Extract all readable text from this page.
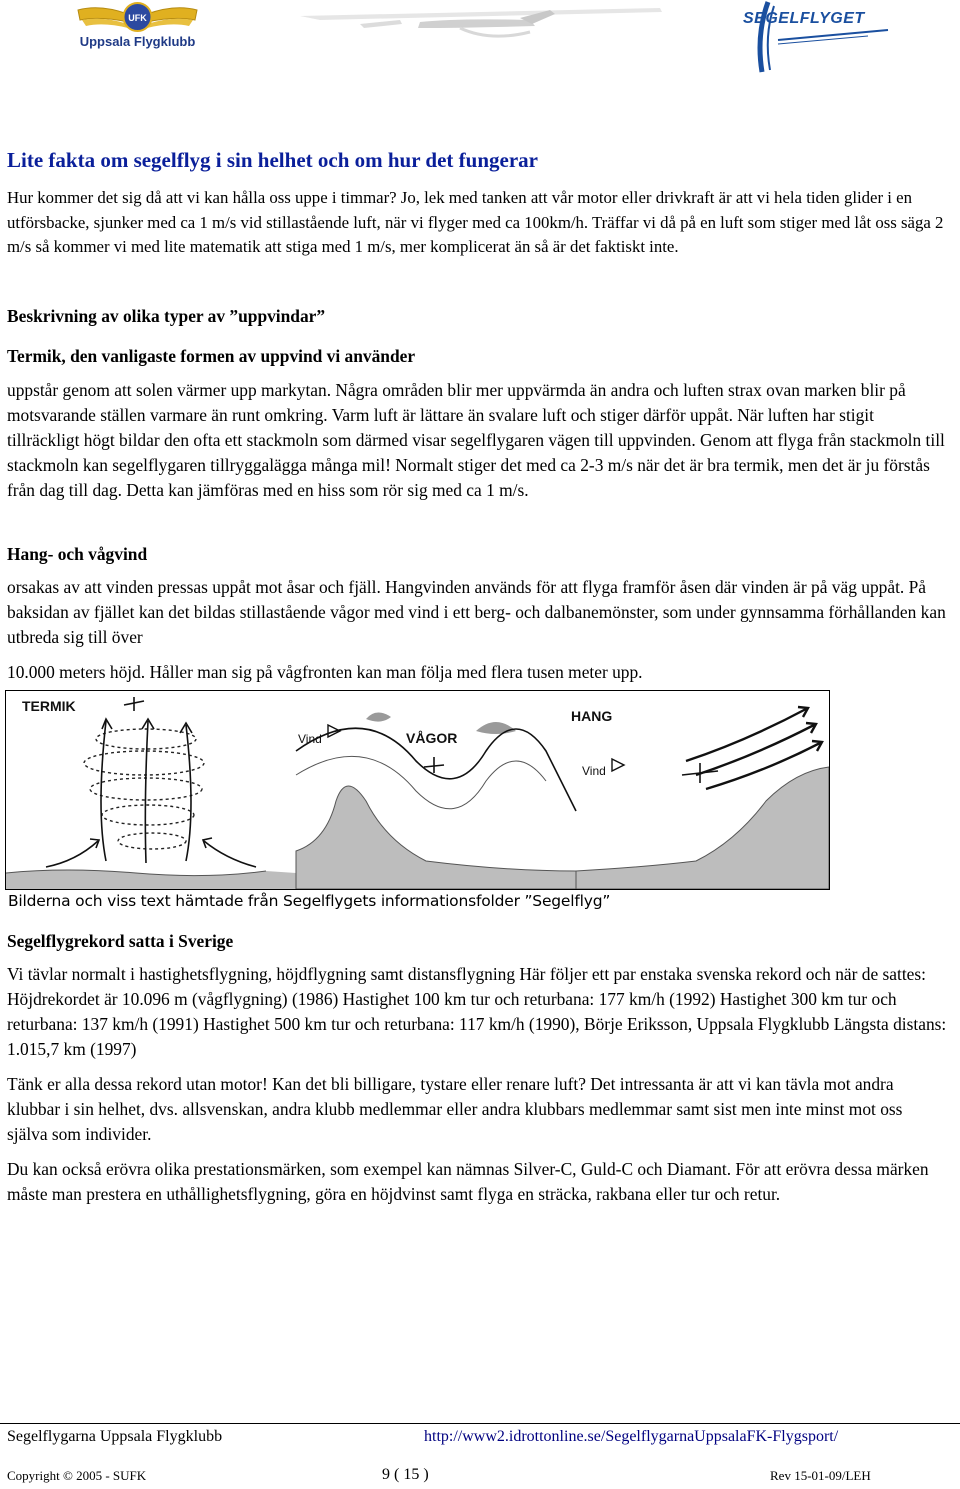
UFK
Uppsala Flygklubb
SEGELFLYGET
Lite fakta om segelflyg i sin helhet och om hur det fungerar

Hur kommer det sig då att vi kan hålla oss uppe i timmar? Jo, lek med tanken att vår motor eller drivkraft är att vi hela tiden glider i en utförsbacke, sjunker med ca 1 m/s vid stillastående luft, när vi flyger med ca 100km/h. Träffar vi då på en luft som stiger med låt oss säga 2 m/s så kommer vi med lite matematik att stiga med 1 m/s, mer komplicerat än så är det faktiskt inte.

Beskrivning av olika typer av ”uppvindar”
Termik, den vanligaste formen av uppvind vi använder

uppstår genom att solen värmer upp markytan. Några områden blir mer uppvärmda än andra och luften strax ovan marken blir på motsvarande ställen varmare än runt omkring. Varm luft är lättare än svalare luft och stiger därför uppåt. När luften har stigit tillräckligt högt bildar den ofta ett stackmoln som därmed visar segelflygaren vägen till uppvinden. Genom att flyga från stackmoln till stackmoln kan segelflygaren tillryggalägga många mil! Normalt stiger det med ca 2-3 m/s när det är bra termik, men det är ju förstås från dag till dag. Detta kan jämföras med en hiss som rör sig med ca 1 m/s.

Hang- och vågvind

orsakas av att vinden pressas uppåt mot åsar och fjäll. Hangvinden används för att flyga framför åsen där vinden är på väg uppåt. På baksidan av fjället kan det bildas stillastående vågor med vind i ett berg- och dalbanemönster, som under gynnsamma förhållanden kan utbreda sig till över

10.000 meters höjd. Håller man sig på vågfronten kan man följa med flera tusen meter upp.

TERMIK
VÅGOR
Vind
HANG
Vind
Bilderna och viss text hämtade från Segelflygets informationsfolder ”Segelflyg”
Segelflygrekord satta i Sverige

Vi tävlar normalt i hastighetsflygning, höjdflygning samt distansflygning Här följer ett par enstaka svenska rekord och när de sattes: Höjdrekordet är 10.096 m (vågflygning) (1986) Hastighet 100 km tur och returbana: 177 km/h (1992) Hastighet 300 km tur och returbana: 137 km/h (1991) Hastighet 500 km tur och returbana: 117 km/h (1990), Börje Eriksson, Uppsala Flygklubb Längsta distans: 1.015,7 km (1997)

Tänk er alla dessa rekord utan motor! Kan det bli billigare, tystare eller renare luft? Det intressanta är att vi kan tävla mot andra klubbar i sin helhet, dvs. allsvenskan, andra klubb medlemmar eller andra klubbars medlemmar samt sist men inte minst mot oss själva som individer.

Du kan också erövra olika prestationsmärken, som exempel kan nämnas Silver-C, Guld-C och Diamant. För att erövra dessa märken måste man prestera en uthållighetsflygning, göra en höjdvinst samt flyga en sträcka, rakbana eller tur och retur.

Segelflygarna Uppsala Flygklubb	http://www2.idrottonline.se/SegelflygarnaUppsalaFK-Flygsport/
Copyright © 2005 - SUFK	9 ( 15 )	Rev 15-01-09/LEH
